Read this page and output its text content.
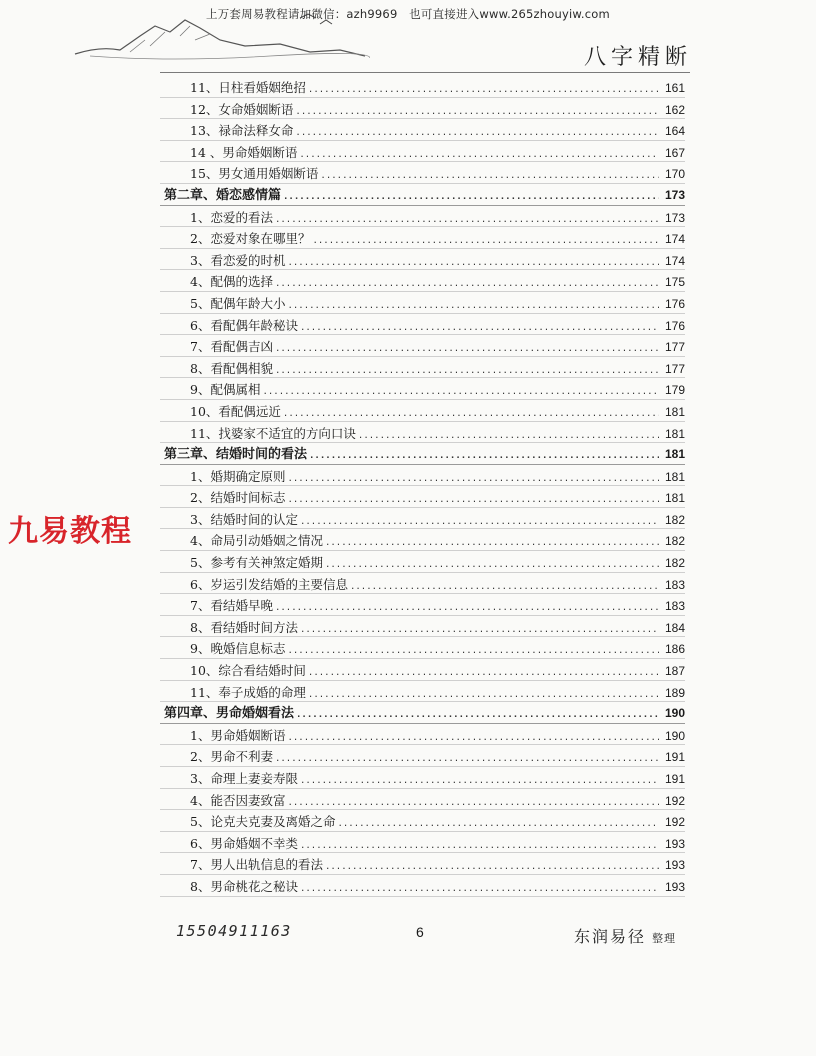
上万套周易教程请加微信：azh9969　也可直接进入www.265zhouyiw.com
八字精断
11、日柱看婚姻绝招 .....	161
12、女命婚姻断语 .....	162
13、禄命法释女命 .....	164
14 、男命婚姻断语 .....	167
15、男女通用婚姻断语 .....	170
第二章、婚恋感情篇 .....	173
1、恋爱的看法 .....	173
2、恋爱对象在哪里？ .....	174
3、看恋爱的时机 .....	174
4、配偶的选择 .....	175
5、配偶年龄大小 .....	176
6、看配偶年龄秘诀 .....	176
7、看配偶吉凶 .....	177
8、看配偶相貌 .....	177
9、配偶属相 .....	179
10、看配偶远近 .....	181
11、找婆家不适宜的方向口诀 .....	181
第三章、结婚时间的看法 .....	181
1、婚期确定原则 .....	181
2、结婚时间标志 .....	181
3、结婚时间的认定 .....	182
4、命局引动婚姻之情况 .....	182
5、参考有关神煞定婚期 .....	182
6、岁运引发结婚的主要信息 .....	183
7、看结婚早晚 .....	183
8、看结婚时间方法 .....	184
9、晚婚信息标志 .....	186
10、综合看结婚时间 .....	187
11、奉子成婚的命理 .....	189
第四章、男命婚姻看法 .....	190
1、男命婚姻断语 .....	190
2、男命不利妻 .....	191
3、命理上妻妾寿限 .....	191
4、能否因妻致富 .....	192
5、论克夫克妻及离婚之命 .....	192
6、男命婚姻不幸类 .....	193
7、男人出轨信息的看法 .....	193
8、男命桃花之秘诀 .....	193
九易教程
15504911163	6	东润易径 整理
